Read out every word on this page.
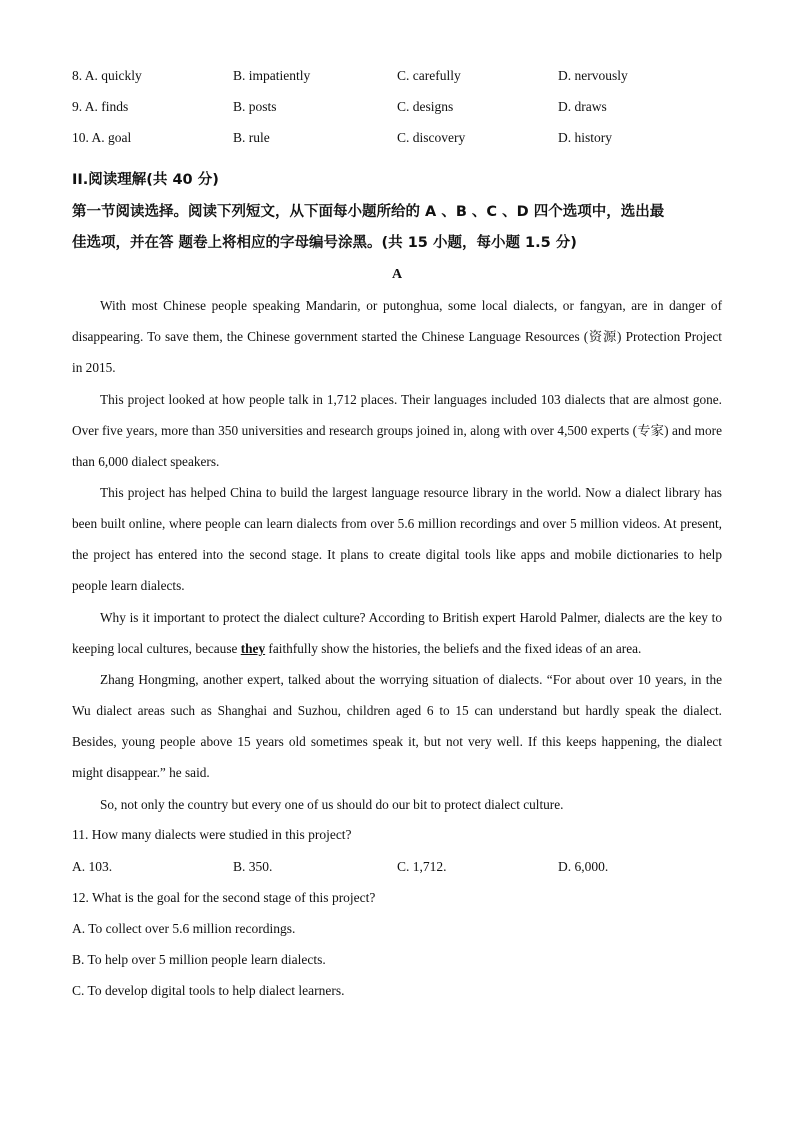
8. A. quickly	B. impatiently	C. carefully	D. nervously
9. A. finds	B. posts	C. designs	D. draws
10. A. goal	B. rule	C. discovery	D. history
II.阅读理解(共 40 分)
第一节阅读选择。阅读下列短文，从下面每小题所给的 A 、B 、C 、D 四个选项中，选出最
佳选项，并在答 题卷上将相应的字母编号涂黑。(共 15 小题，每小题 1.5 分)
A

With most Chinese people speaking Mandarin, or putonghua, some local dialects, or fangyan, are in danger of disappearing. To save them, the Chinese government started the Chinese Language Resources (资源) Protection Project in 2015.

This project looked at how people talk in 1,712 places. Their languages included 103 dialects that are almost gone. Over five years, more than 350 universities and research groups joined in, along with over 4,500 experts (专家) and more than 6,000 dialect speakers.

This project has helped China to build the largest language resource library in the world. Now a dialect library has been built online, where people can learn dialects from over 5.6 million recordings and over 5 million videos. At present, the project has entered into the second stage. It plans to create digital tools like apps and mobile dictionaries to help people learn dialects.

Why is it important to protect the dialect culture? According to British expert Harold Palmer, dialects are the key to keeping local cultures, because they faithfully show the histories, the beliefs and the fixed ideas of an area.

Zhang Hongming, another expert, talked about the worrying situation of dialects. “For about over 10 years, in the Wu dialect areas such as Shanghai and Suzhou, children aged 6 to 15 can understand but hardly speak the dialect. Besides, young people above 15 years old sometimes speak it, but not very well. If this keeps happening, the dialect might disappear.” he said.

So, not only the country but every one of us should do our bit to protect dialect culture.

11. How many dialects were studied in this project?
A. 103.	B. 350.	C. 1,712.	D. 6,000.
12. What is the goal for the second stage of this project?
A. To collect over 5.6 million recordings.
B. To help over 5 million people learn dialects.
C. To develop digital tools to help dialect learners.
